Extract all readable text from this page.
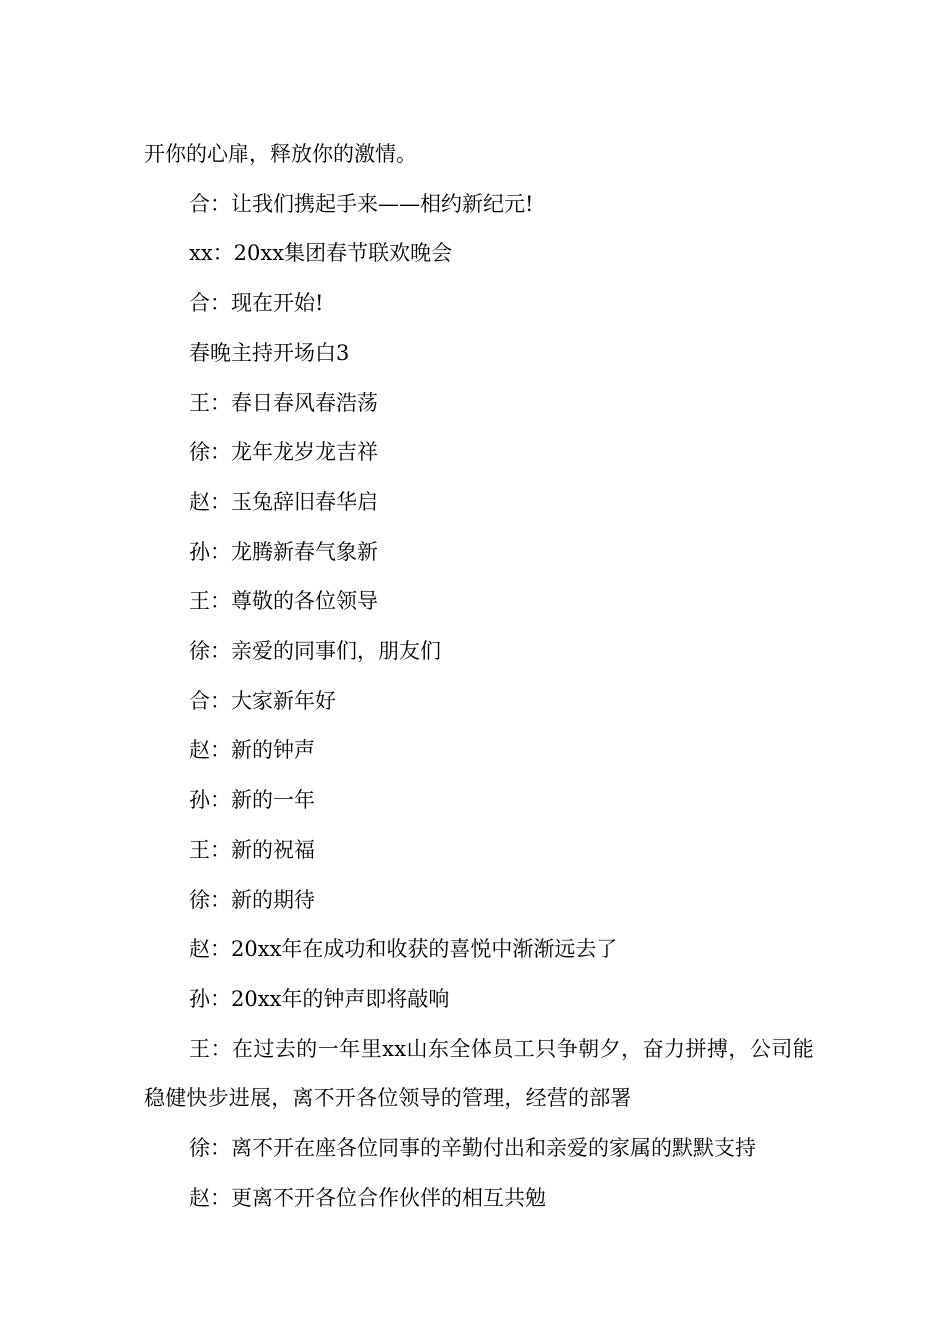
开你的心扉，释放你的激情。

合：让我们携起手来——相约新纪元!

xx：20xx集团春节联欢晚会

合：现在开始!

春晚主持开场白3

王：春日春风春浩荡

徐：龙年龙岁龙吉祥

赵：玉兔辞旧春华启

孙：龙腾新春气象新

王：尊敬的各位领导

徐：亲爱的同事们，朋友们

合：大家新年好

赵：新的钟声

孙：新的一年

王：新的祝福

徐：新的期待

赵：20xx年在成功和收获的喜悦中渐渐远去了

孙：20xx年的钟声即将敲响

王：在过去的一年里xx山东全体员工只争朝夕，奋力拼搏，公司能稳健快步进展，离不开各位领导的管理，经营的部署

徐：离不开在座各位同事的辛勤付出和亲爱的家属的默默支持

赵：更离不开各位合作伙伴的相互共勉
